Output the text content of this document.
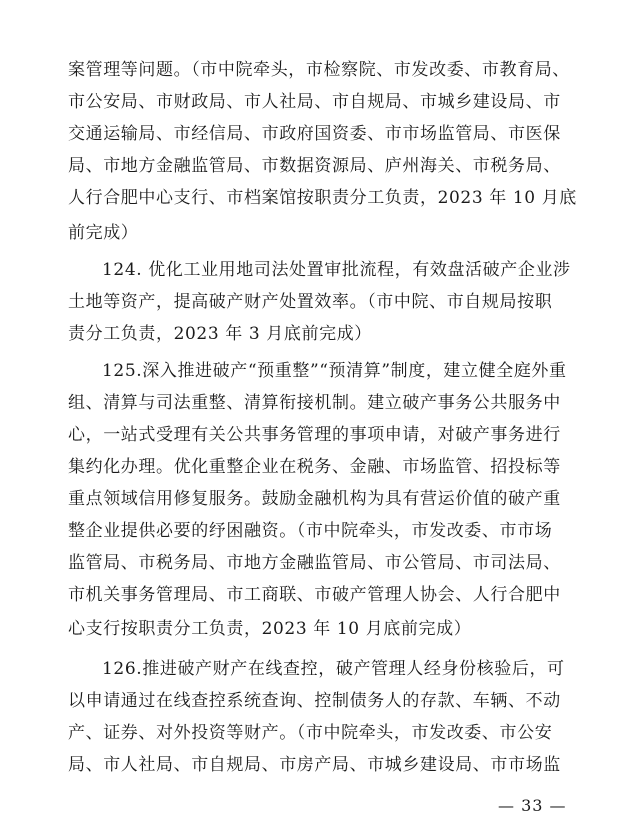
案管理等问题。（市中院牵头，市检察院、市发改委、市教育局、
市公安局、市财政局、市人社局、市自规局、市城乡建设局、市
交通运输局、市经信局、市政府国资委、市市场监管局、市医保
局、市地方金融监管局、市数据资源局、庐州海关、市税务局、
人行合肥中心支行、市档案馆按职责分工负责，2023 年 10 月底
前完成）
124. 优化工业用地司法处置审批流程，有效盘活破产企业涉
土地等资产，提高破产财产处置效率。（市中院、市自规局按职
责分工负责，2023 年 3 月底前完成）
125.深入推进破产“预重整”“预清算”制度，建立健全庭外重
组、清算与司法重整、清算衔接机制。建立破产事务公共服务中
心，一站式受理有关公共事务管理的事项申请，对破产事务进行
集约化办理。优化重整企业在税务、金融、市场监管、招投标等
重点领域信用修复服务。鼓励金融机构为具有营运价值的破产重
整企业提供必要的纾困融资。（市中院牵头，市发改委、市市场
监管局、市税务局、市地方金融监管局、市公管局、市司法局、
市机关事务管理局、市工商联、市破产管理人协会、人行合肥中
心支行按职责分工负责，2023 年 10 月底前完成）
126.推进破产财产在线查控，破产管理人经身份核验后，可
以申请通过在线查控系统查询、控制债务人的存款、车辆、不动
产、证券、对外投资等财产。（市中院牵头，市发改委、市公安
局、市人社局、市自规局、市房产局、市城乡建设局、市市场监
— 33 —
